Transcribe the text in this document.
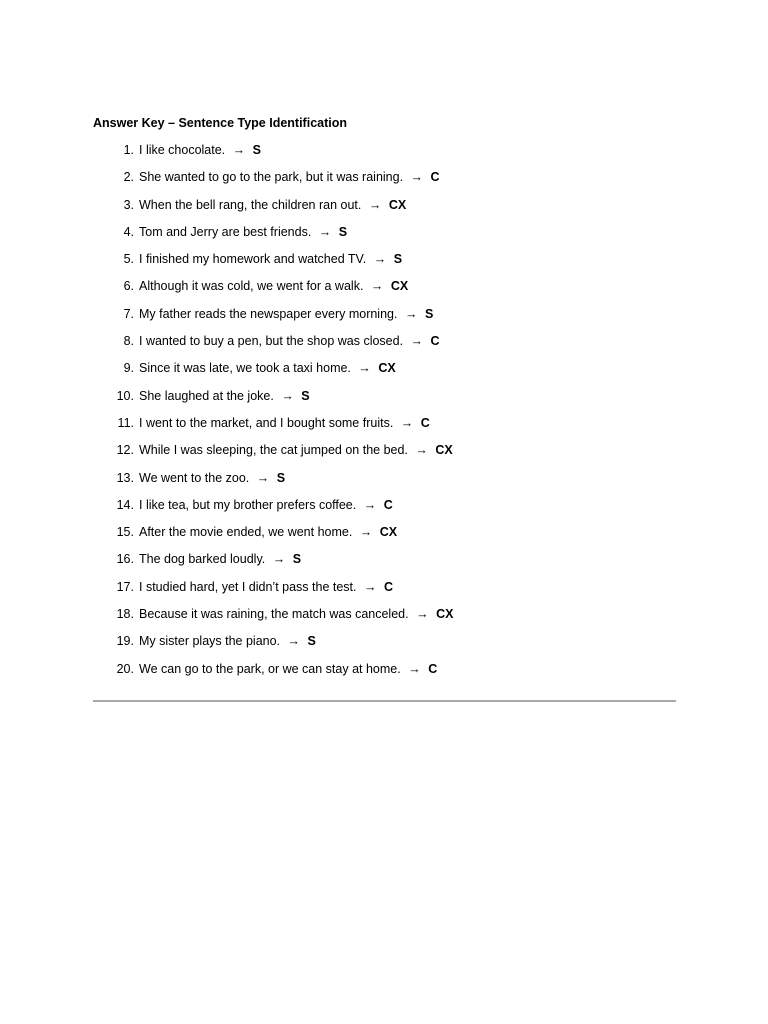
Answer Key – Sentence Type Identification
1. I like chocolate. → S
2. She wanted to go to the park, but it was raining. → C
3. When the bell rang, the children ran out. → CX
4. Tom and Jerry are best friends. → S
5. I finished my homework and watched TV. → S
6. Although it was cold, we went for a walk. → CX
7. My father reads the newspaper every morning. → S
8. I wanted to buy a pen, but the shop was closed. → C
9. Since it was late, we took a taxi home. → CX
10. She laughed at the joke. → S
11. I went to the market, and I bought some fruits. → C
12. While I was sleeping, the cat jumped on the bed. → CX
13. We went to the zoo. → S
14. I like tea, but my brother prefers coffee. → C
15. After the movie ended, we went home. → CX
16. The dog barked loudly. → S
17. I studied hard, yet I didn’t pass the test. → C
18. Because it was raining, the match was canceled. → CX
19. My sister plays the piano. → S
20. We can go to the park, or we can stay at home. → C
